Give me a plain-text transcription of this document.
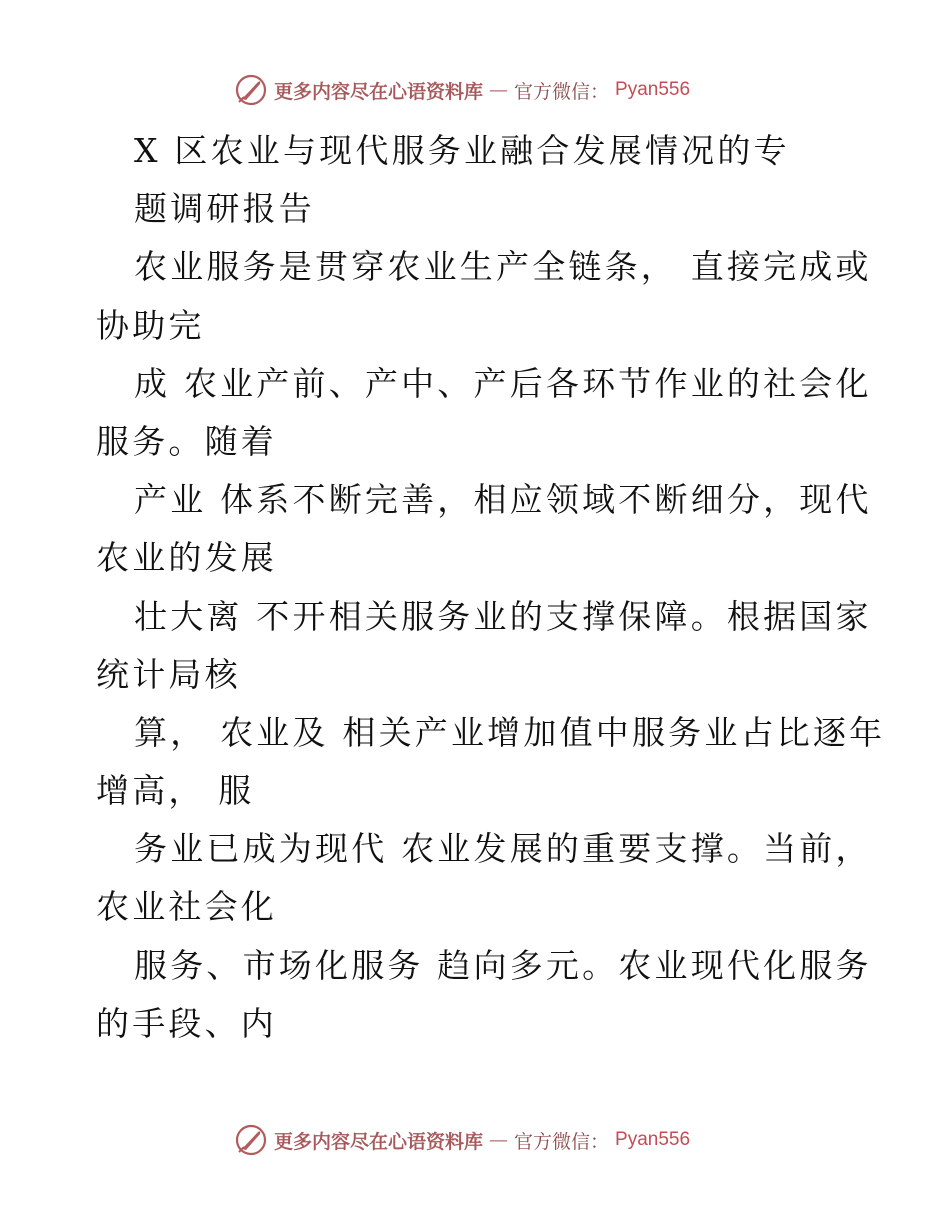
更多内容尽在心语资料库 — 官方微信： Pyan556
X 区农业与现代服务业融合发展情况的专
题调研报告
农业服务是贯穿农业生产全链条， 直接完成或
协助完
成 农业产前、产中、产后各环节作业的社会化
服务。随着
产业 体系不断完善，相应领域不断细分，现代
农业的发展
壮大离 不开相关服务业的支撑保障。根据国家
统计局核
算， 农业及 相关产业增加值中服务业占比逐年
增高， 服
务业已成为现代 农业发展的重要支撑。当前，
农业社会化
服务、市场化服务 趋向多元。农业现代化服务
的手段、内
更多内容尽在心语资料库 — 官方微信： Pyan556
